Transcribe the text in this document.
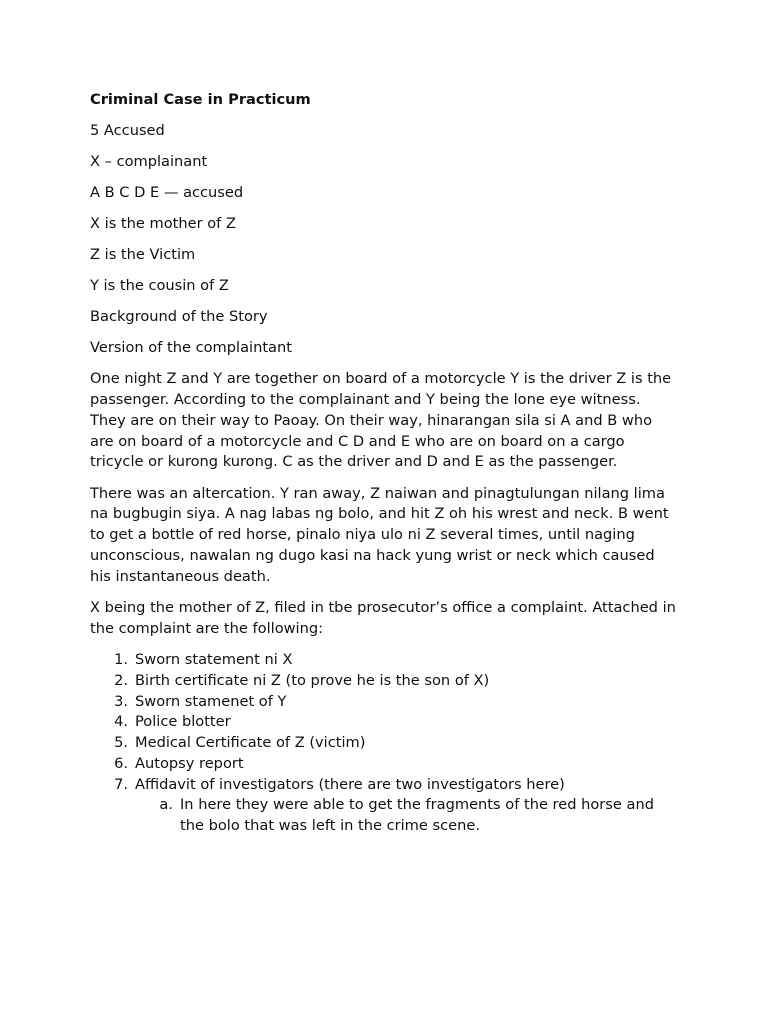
Criminal Case in Practicum
5 Accused
X – complainant
A B C D E — accused
X is the mother of Z
Z is the Victim
Y is the cousin of Z
Background of the Story
Version of the complaintant

One night Z and Y are together on board of a motorcycle Y is the driver Z is the passenger. According to the complainant and Y being the lone eye witness. They are on their way to Paoay. On their way, hinarangan sila si A and B who are on board of a motorcycle and C D and E who are on board on a cargo tricycle or kurong kurong. C as the driver and D and E as the passenger.

There was an altercation. Y ran away, Z naiwan and pinagtulungan nilang lima na bugbugin siya. A nag labas ng bolo, and hit Z oh his wrest and neck. B went to get a bottle of red horse, pinalo niya ulo ni Z several times, until naging unconscious, nawalan ng dugo kasi na hack yung wrist or neck which caused his instantaneous death.

X being the mother of Z, filed in tbe prosecutor’s office a complaint. Attached in the complaint are the following:

1. Sworn statement ni X
2. Birth certificate ni Z (to prove he is the son of X)
3. Sworn stamenet of Y
4. Police blotter
5. Medical Certificate of Z (victim)
6. Autopsy report
7. Affidavit of investigators (there are two investigators here)
a. In here they were able to get the fragments of the red horse and the bolo that was left in the crime scene.
